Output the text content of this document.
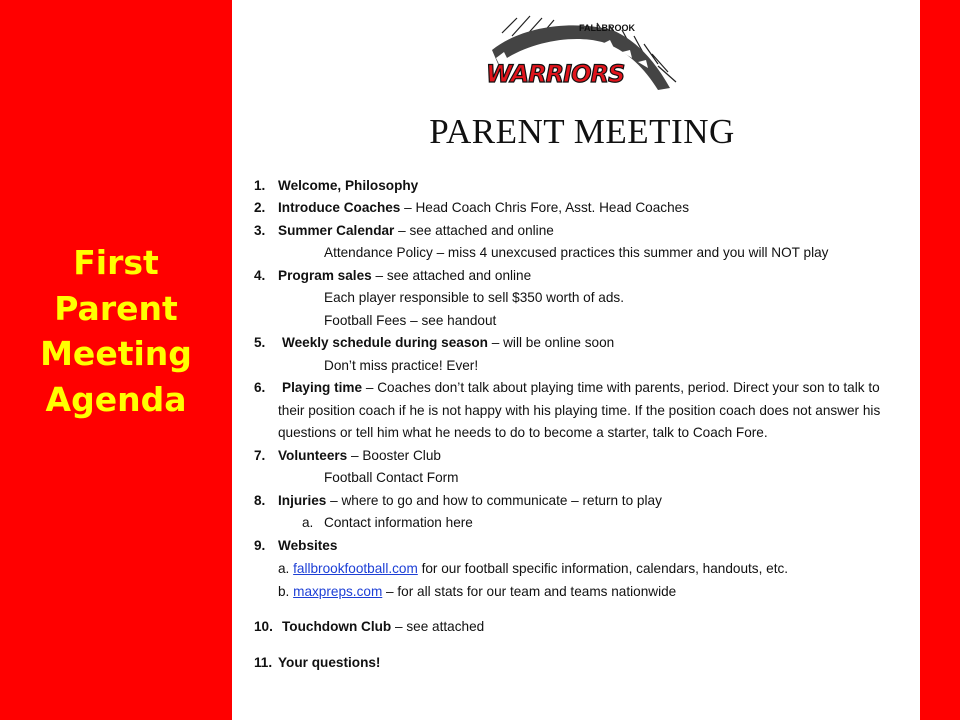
First
Parent
Meeting
Agenda
FALLBROOK
WARRIORS
PARENT MEETING
1. Welcome, Philosophy
2. Introduce Coaches – Head Coach Chris Fore, Asst. Head Coaches
3. Summer Calendar – see attached and online
Attendance Policy – miss 4 unexcused practices this summer and you will NOT play
4. Program sales – see attached and online
Each player responsible to sell $350 worth of ads.
Football Fees – see handout
5. Weekly schedule during season – will be online soon
Don’t miss practice! Ever!
6. Playing time – Coaches don’t talk about playing time with parents, period. Direct your son to talk to
their position coach if he is not happy with his playing time. If the position coach does not answer his
questions or tell him what he needs to do to become a starter, talk to Coach Fore.
7. Volunteers – Booster Club
Football Contact Form
8. Injuries – where to go and how to communicate – return to play
a. Contact information here
9. Websites
a. fallbrookfootball.com for our football specific information, calendars, handouts, etc.
b. maxpreps.com – for all stats for our team and teams nationwide
10. Touchdown Club – see attached
11. Your questions!
